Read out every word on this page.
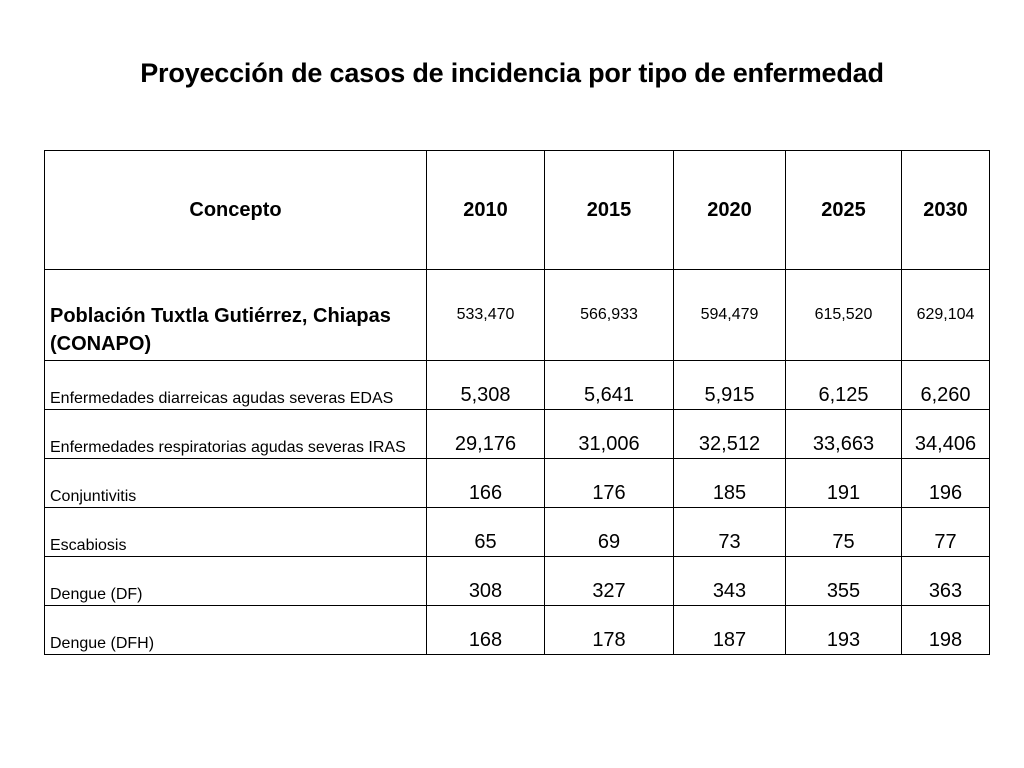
Proyección de casos de incidencia por tipo de enfermedad
Concepto	2010	2015	2020	2025	2030
Población Tuxtla Gutiérrez, Chiapas (CONAPO)	533,470	566,933	594,479	615,520	629,104
Enfermedades diarreicas agudas severas EDAS	5,308	5,641	5,915	6,125	6,260
Enfermedades respiratorias agudas severas IRAS	29,176	31,006	32,512	33,663	34,406
Conjuntivitis	166	176	185	191	196
Escabiosis	65	69	73	75	77
Dengue (DF)	308	327	343	355	363
Dengue (DFH)	168	178	187	193	198
